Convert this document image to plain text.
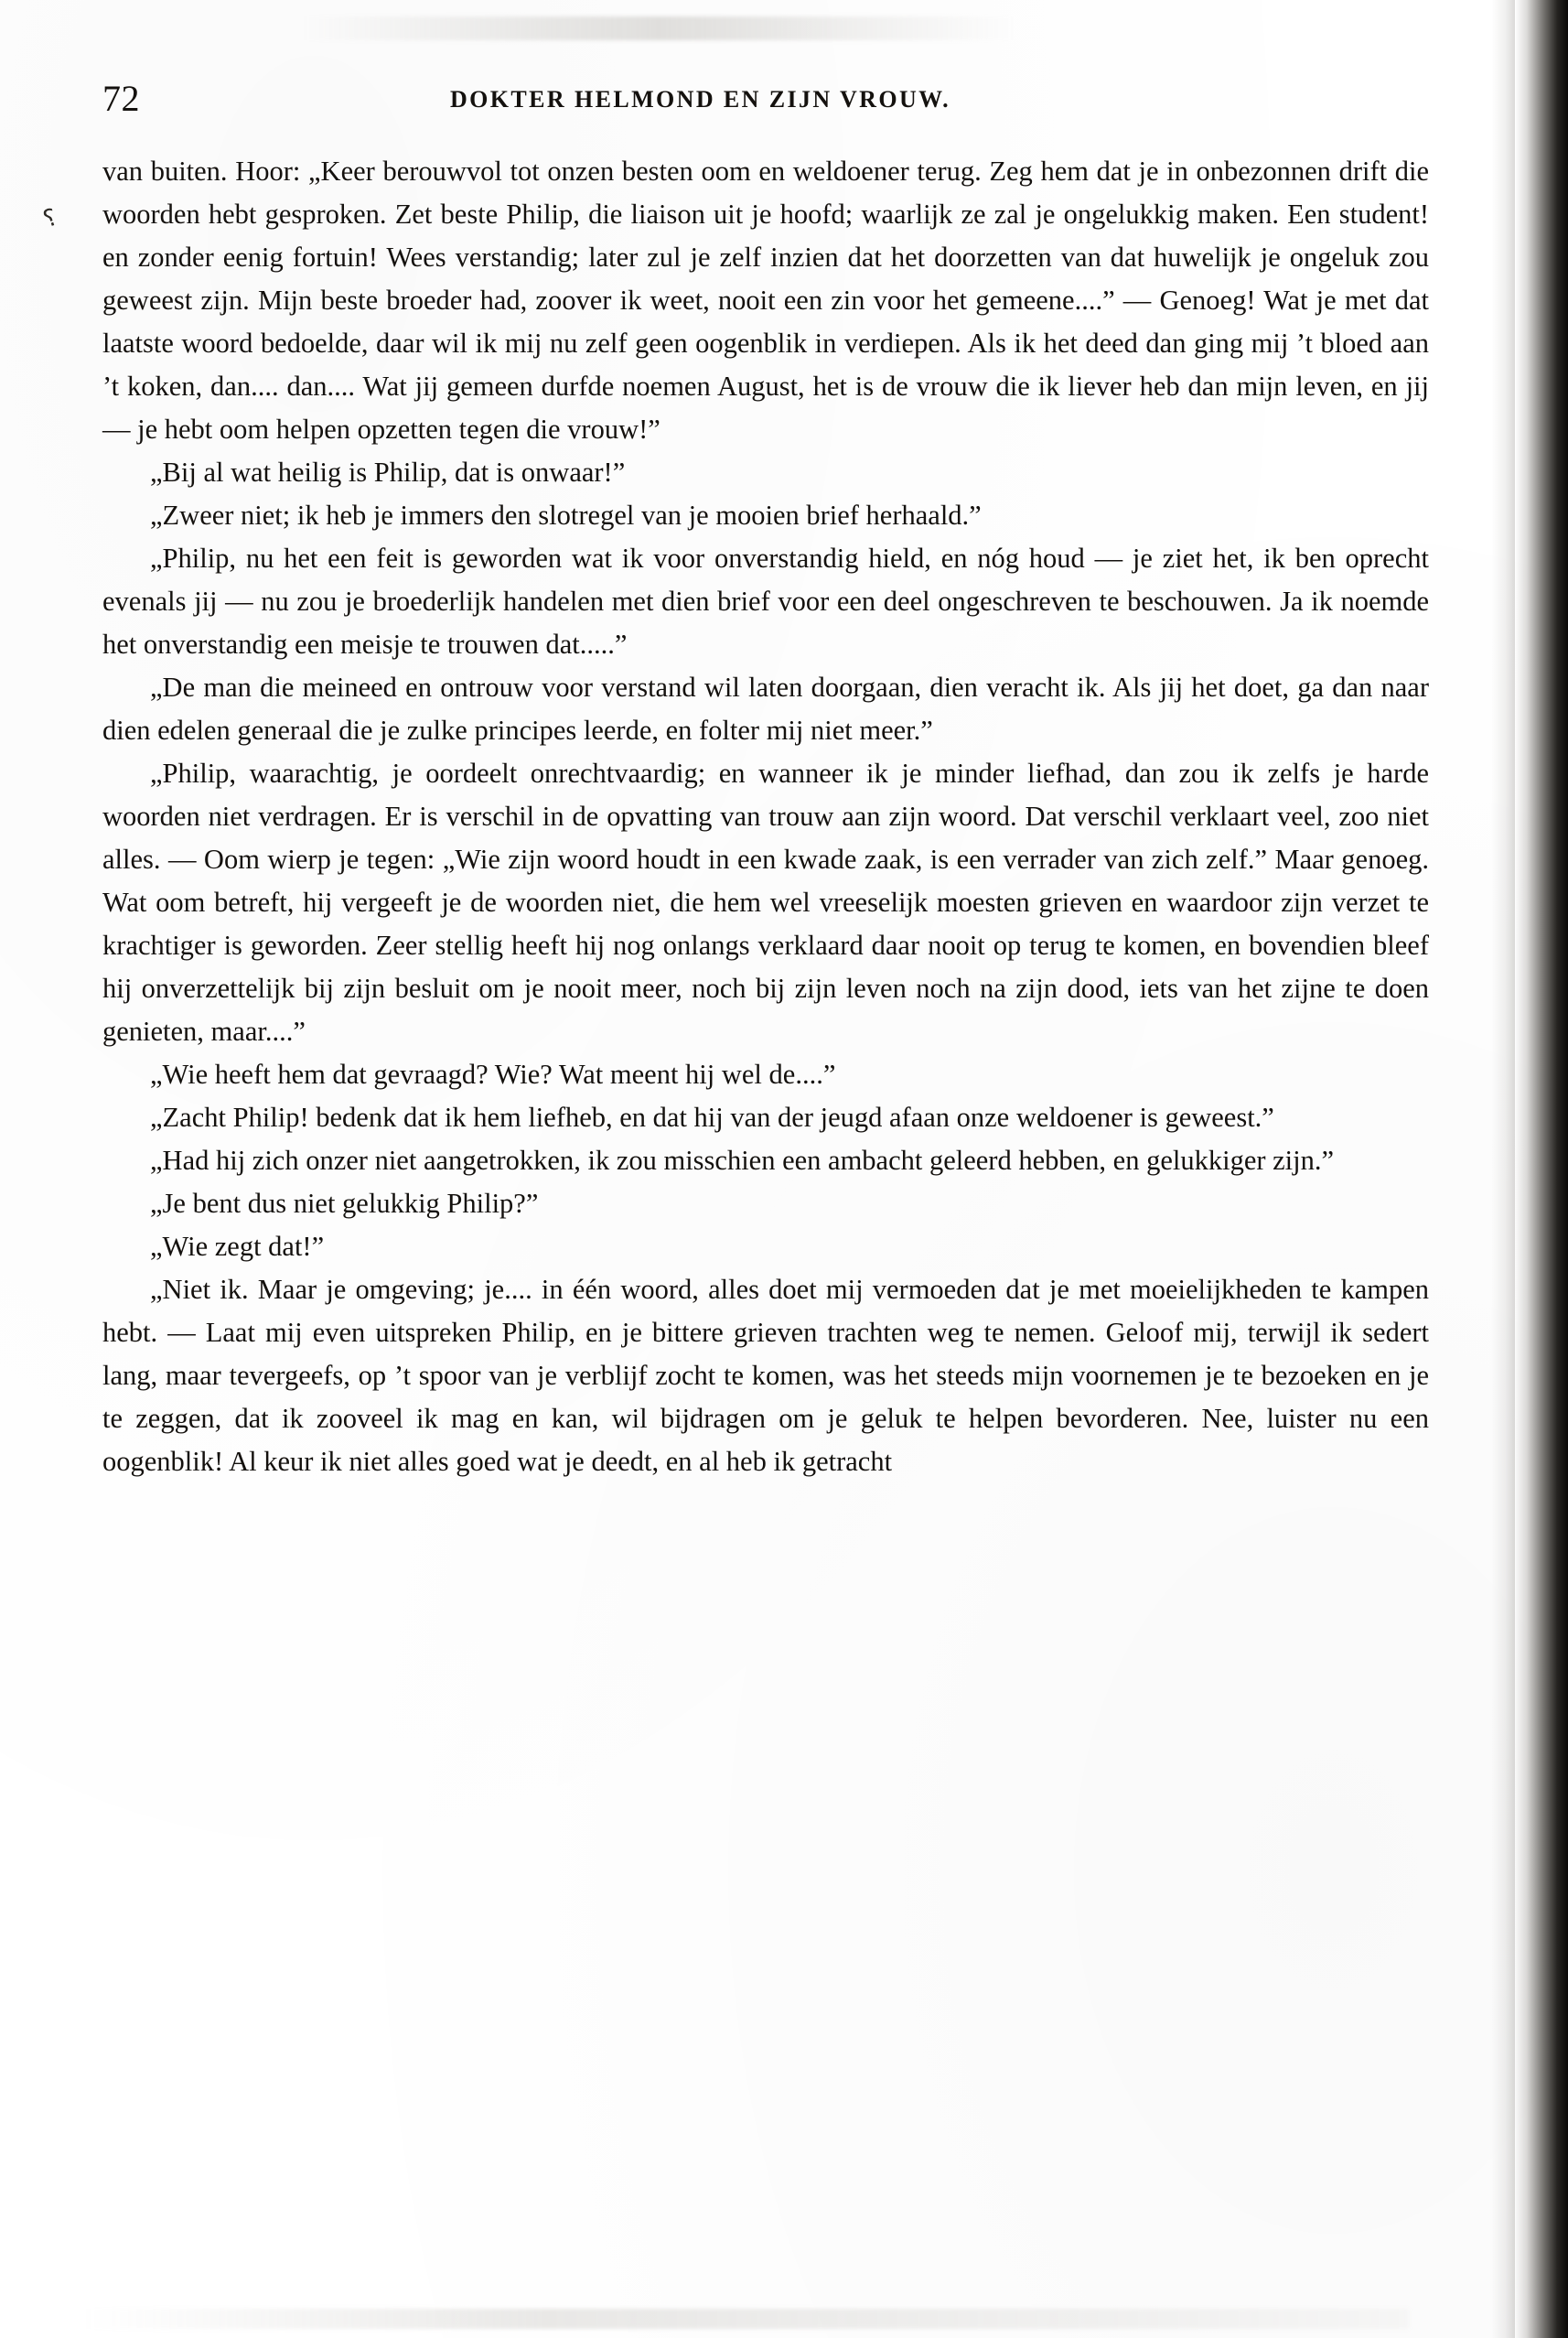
⸮
72	DOKTER HELMOND EN ZIJN VROUW.

van buiten. Hoor: „Keer berouwvol tot onzen besten oom en weldoener terug. Zeg hem dat je in onbezonnen drift die woorden hebt gesproken. Zet beste Philip, die liaison uit je hoofd; waarlijk ze zal je ongelukkig maken. Een student! en zonder eenig fortuin! Wees verstandig; later zul je zelf inzien dat het doorzetten van dat huwelijk je ongeluk zou geweest zijn. Mijn beste broeder had, zoover ik weet, nooit een zin voor het gemeene....” — Genoeg! Wat je met dat laatste woord bedoelde, daar wil ik mij nu zelf geen oogenblik in verdiepen. Als ik het deed dan ging mij ’t bloed aan ’t koken, dan.... dan.... Wat jij gemeen durfde noemen August, het is de vrouw die ik liever heb dan mijn leven, en jij — je hebt oom helpen opzetten tegen die vrouw!”

„Bij al wat heilig is Philip, dat is onwaar!”

„Zweer niet; ik heb je immers den slotregel van je mooien brief herhaald.”

„Philip, nu het een feit is geworden wat ik voor onverstandig hield, en nóg houd — je ziet het, ik ben oprecht evenals jij — nu zou je broederlijk handelen met dien brief voor een deel ongeschreven te beschouwen. Ja ik noemde het onverstandig een meisje te trouwen dat.....”

„De man die meineed en ontrouw voor verstand wil laten doorgaan, dien veracht ik. Als jij het doet, ga dan naar dien edelen generaal die je zulke principes leerde, en folter mij niet meer.”

„Philip, waarachtig, je oordeelt onrechtvaardig; en wanneer ik je minder liefhad, dan zou ik zelfs je harde woorden niet verdragen. Er is verschil in de opvatting van trouw aan zijn woord. Dat verschil verklaart veel, zoo niet alles. — Oom wierp je tegen: „Wie zijn woord houdt in een kwade zaak, is een verrader van zich zelf.” Maar genoeg. Wat oom betreft, hij vergeeft je de woorden niet, die hem wel vreeselijk moesten grieven en waardoor zijn verzet te krachtiger is geworden. Zeer stellig heeft hij nog onlangs verklaard daar nooit op terug te komen, en bovendien bleef hij onverzettelijk bij zijn besluit om je nooit meer, noch bij zijn leven noch na zijn dood, iets van het zijne te doen genieten, maar....”

„Wie heeft hem dat gevraagd? Wie? Wat meent hij wel de....”

„Zacht Philip! bedenk dat ik hem liefheb, en dat hij van der jeugd afaan onze weldoener is geweest.”

„Had hij zich onzer niet aangetrokken, ik zou misschien een ambacht geleerd hebben, en gelukkiger zijn.”

„Je bent dus niet gelukkig Philip?”

„Wie zegt dat!”

„Niet ik. Maar je omgeving; je.... in één woord, alles doet mij vermoeden dat je met moeielijkheden te kampen hebt. — Laat mij even uitspreken Philip, en je bittere grieven trachten weg te nemen. Geloof mij, terwijl ik sedert lang, maar tevergeefs, op ’t spoor van je verblijf zocht te komen, was het steeds mijn voornemen je te bezoeken en je te zeggen, dat ik zooveel ik mag en kan, wil bijdragen om je geluk te helpen bevorderen. Nee, luister nu een oogenblik! Al keur ik niet alles goed wat je deedt, en al heb ik getracht
